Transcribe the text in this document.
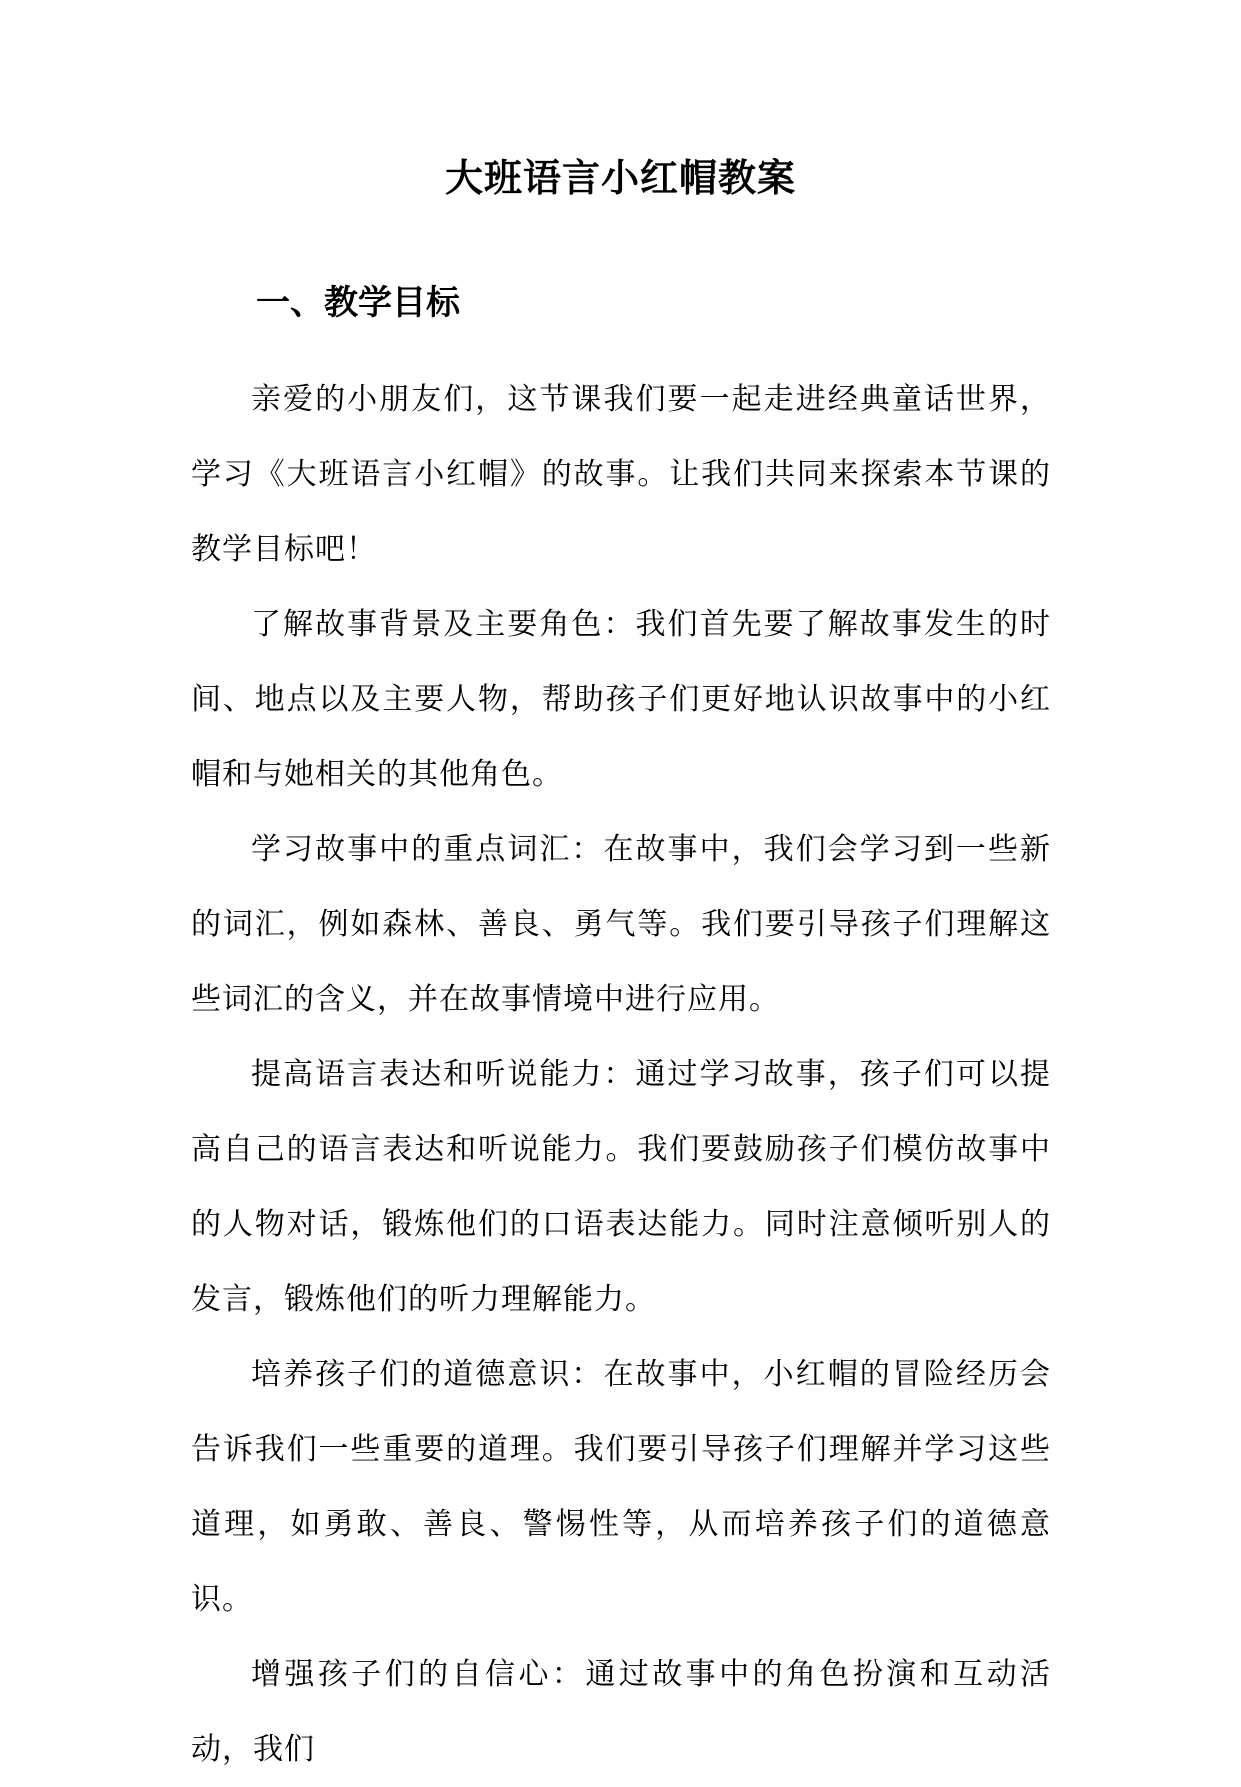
大班语言小红帽教案
一、教学目标

亲爱的小朋友们，这节课我们要一起走进经典童话世界，学习《大班语言小红帽》的故事。让我们共同来探索本节课的教学目标吧！

了解故事背景及主要角色：我们首先要了解故事发生的时间、地点以及主要人物，帮助孩子们更好地认识故事中的小红帽和与她相关的其他角色。

学习故事中的重点词汇：在故事中，我们会学习到一些新的词汇，例如森林、善良、勇气等。我们要引导孩子们理解这些词汇的含义，并在故事情境中进行应用。

提高语言表达和听说能力：通过学习故事，孩子们可以提高自己的语言表达和听说能力。我们要鼓励孩子们模仿故事中的人物对话，锻炼他们的口语表达能力。同时注意倾听别人的发言，锻炼他们的听力理解能力。

培养孩子们的道德意识：在故事中，小红帽的冒险经历会告诉我们一些重要的道理。我们要引导孩子们理解并学习这些道理，如勇敢、善良、警惕性等，从而培养孩子们的道德意识。

增强孩子们的自信心：通过故事中的角色扮演和互动活动，我们
